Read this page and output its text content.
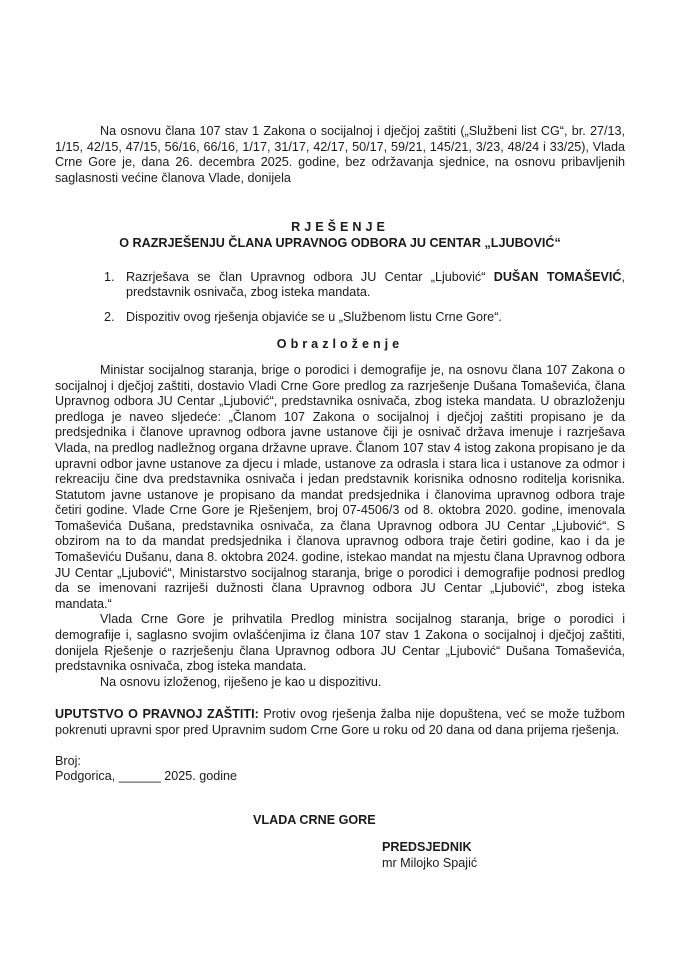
Na osnovu člana 107 stav 1 Zakona o socijalnoj i dječjoj zaštiti („Službeni list CG“, br. 27/13, 1/15, 42/15, 47/15, 56/16, 66/16, 1/17, 31/17, 42/17, 50/17, 59/21, 145/21, 3/23, 48/24 i 33/25), Vlada Crne Gore je, dana 26. decembra 2025. godine, bez održavanja sjednice, na osnovu pribavljenih saglasnosti većine članova Vlade, donijela

RJEŠENJE

O RAZRJEŠENJU ČLANA UPRAVNOG ODBORA JU CENTAR „LJUBOVIĆ“

1. Razrješava se član Upravnog odbora JU Centar „Ljubović“ DUŠAN TOMAŠEVIĆ, predstavnik osnivača, zbog isteka mandata.
2. Dispozitiv ovog rješenja objaviće se u „Službenom listu Crne Gore“.

Obrazloženje

Ministar socijalnog staranja, brige o porodici i demografije je, na osnovu člana 107 Zakona o socijalnoj i dječjoj zaštiti, dostavio Vladi Crne Gore predlog za razrješenje Dušana Tomaševića, člana Upravnog odbora JU Centar „Ljubović“, predstavnika osnivača, zbog isteka mandata. U obrazloženju predloga je naveo sljedeće: „Članom 107 Zakona o socijalnoj i dječjoj zaštiti propisano je da predsjednika i članove upravnog odbora javne ustanove čiji je osnivač država imenuje i razrješava Vlada, na predlog nadležnog organa državne uprave. Članom 107 stav 4 istog zakona propisano je da upravni odbor javne ustanove za djecu i mlade, ustanove za odrasla i stara lica i ustanove za odmor i rekreaciju čine dva predstavnika osnivača i jedan predstavnik korisnika odnosno roditelja korisnika. Statutom javne ustanove je propisano da mandat predsjednika i članovima upravnog odbora traje četiri godine. Vlade Crne Gore je Rješenjem, broj 07-4506/3 od 8. oktobra 2020. godine, imenovala Tomaševića Dušana, predstavnika osnivača, za člana Upravnog odbora JU Centar „Ljubović“. S obzirom na to da mandat predsjednika i članova upravnog odbora traje četiri godine, kao i da je Tomaševiću Dušanu, dana 8. oktobra 2024. godine, istekao mandat na mjestu člana Upravnog odbora JU Centar „Ljubović“, Ministarstvo socijalnog staranja, brige o porodici i demografije podnosi predlog da se imenovani razriješi dužnosti člana Upravnog odbora JU Centar „Ljubović“, zbog isteka mandata.“

Vlada Crne Gore je prihvatila Predlog ministra socijalnog staranja, brige o porodici i demografije i, saglasno svojim ovlašćenjima iz člana 107 stav 1 Zakona o socijalnoj i dječjoj zaštiti, donijela Rješenje o razrješenju člana Upravnog odbora JU Centar „Ljubović“ Dušana Tomaševića, predstavnika osnivača, zbog isteka mandata.

Na osnovu izloženog, riješeno je kao u dispozitivu.

UPUTSTVO O PRAVNOJ ZAŠTITI: Protiv ovog rješenja žalba nije dopuštena, već se može tužbom pokrenuti upravni spor pred Upravnim sudom Crne Gore u roku od 20 dana od dana prijema rješenja.

Broj:

Podgorica, ______ 2025. godine

VLADA CRNE GORE

PREDSJEDNIK

mr Milojko Spajić
